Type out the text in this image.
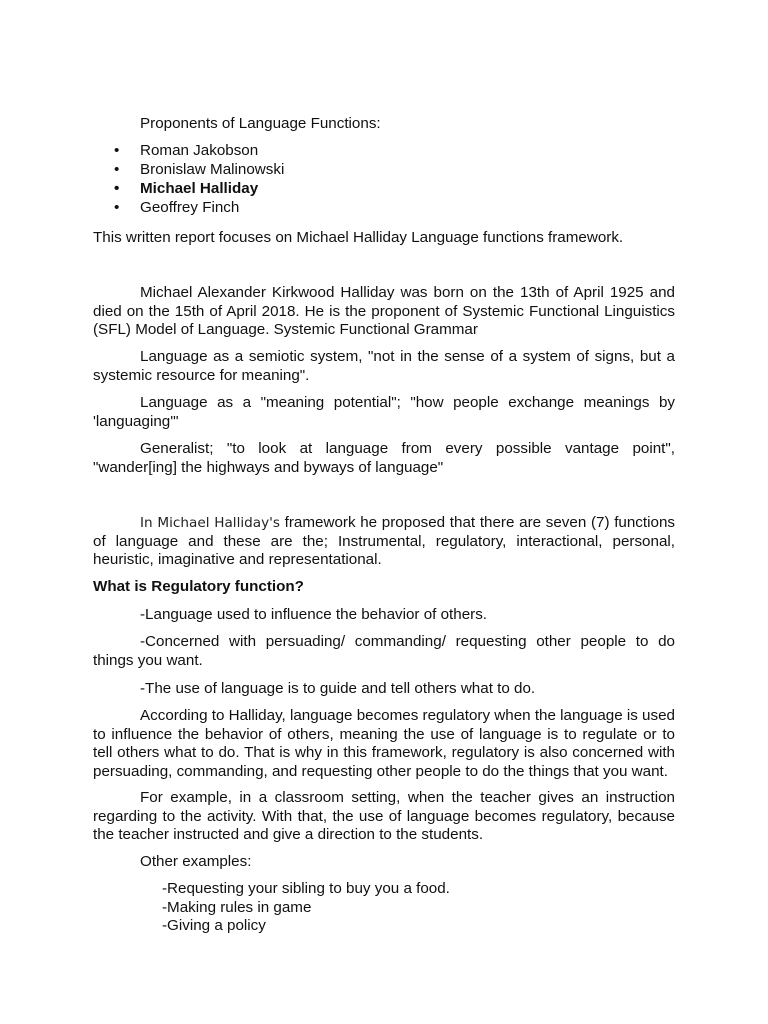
Proponents of Language Functions:
• Roman Jakobson
• Bronislaw Malinowski
• Michael Halliday
• Geoffrey Finch
This written report focuses on Michael Halliday Language functions framework.
Michael Alexander Kirkwood Halliday was born on the 13th of April 1925 and died on the 15th of April 2018. He is the proponent of Systemic Functional Linguistics (SFL) Model of Language. Systemic Functional Grammar
Language as a semiotic system, "not in the sense of a system of signs, but a systemic resource for meaning".
Language as a "meaning potential"; "how people exchange meanings by 'languaging'"
Generalist; "to look at language from every possible vantage point", "wander[ing] the highways and byways of language"
In Michael Halliday's framework he proposed that there are seven (7) functions of language and these are the; Instrumental, regulatory, interactional, personal, heuristic, imaginative and representational.
What is Regulatory function?
-Language used to influence the behavior of others.
-Concerned with persuading/ commanding/ requesting other people to do things you want.
-The use of language is to guide and tell others what to do.
According to Halliday, language becomes regulatory when the language is used to influence the behavior of others, meaning the use of language is to regulate or to tell others what to do. That is why in this framework, regulatory is also concerned with persuading, commanding, and requesting other people to do the things that you want.
For example, in a classroom setting, when the teacher gives an instruction regarding to the activity. With that, the use of language becomes regulatory, because the teacher instructed and give a direction to the students.
Other examples:
-Requesting your sibling to buy you a food.
-Making rules in game
-Giving a policy
